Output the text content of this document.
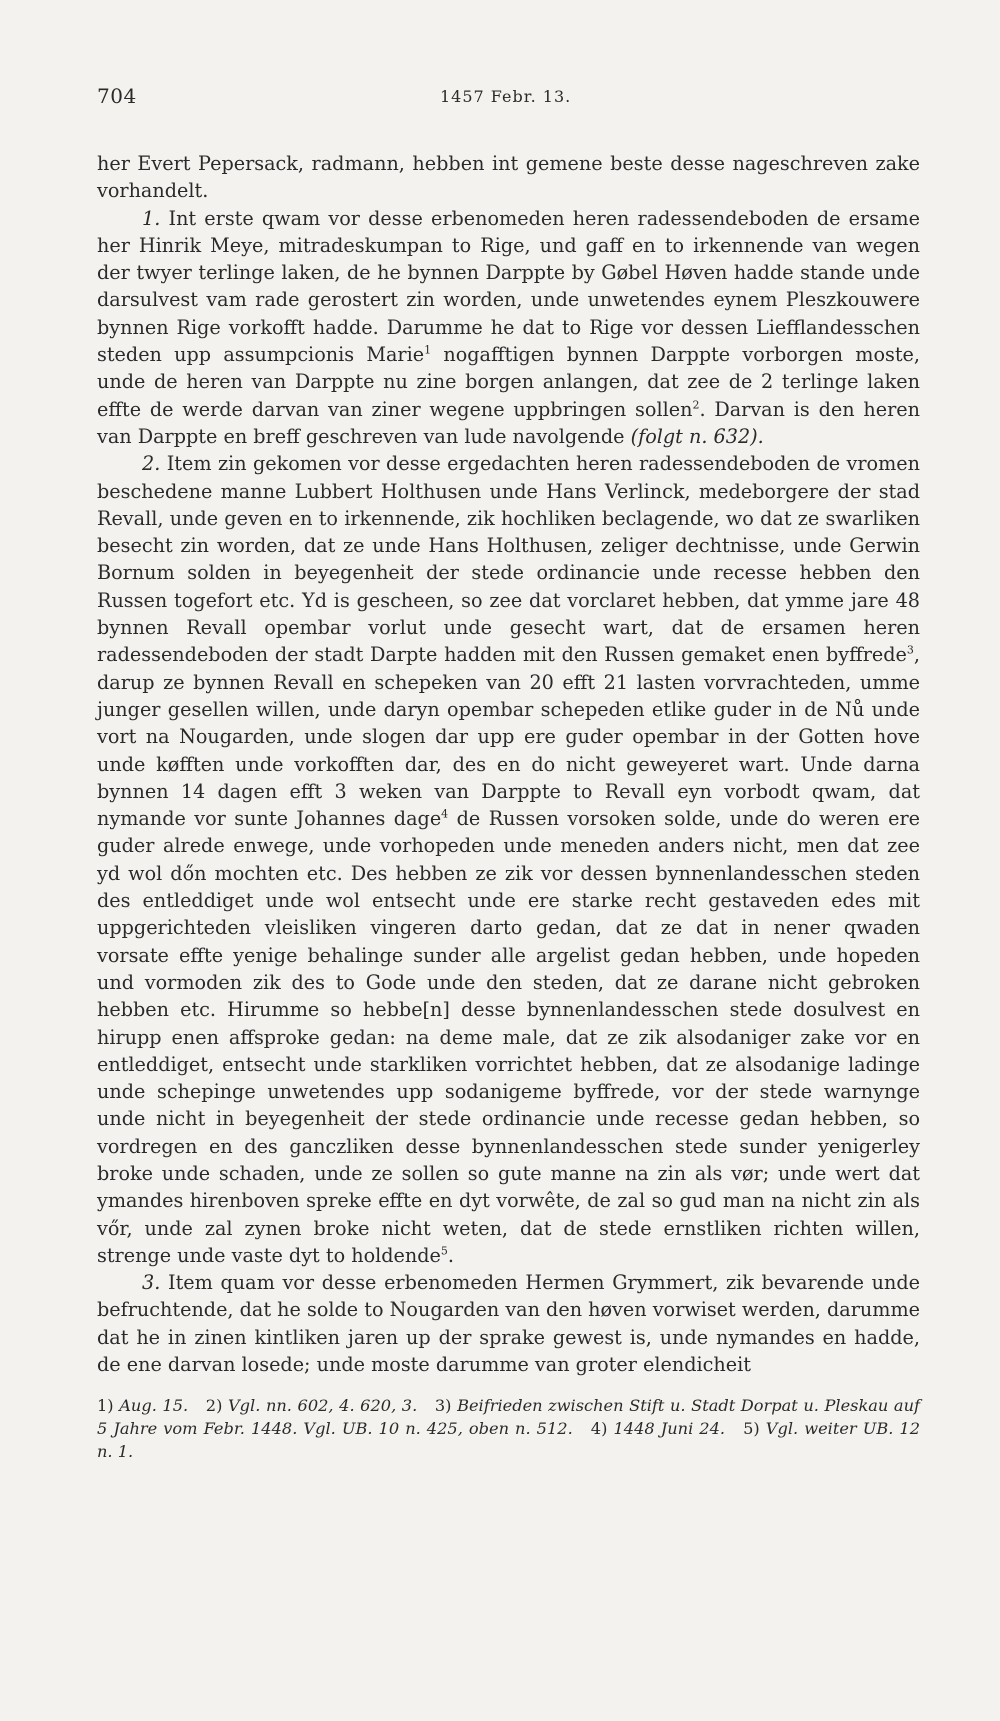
704	1457 Febr. 13.

her Evert Pepersack, radmann, hebben int gemene beste desse nageschreven zake vorhandelt.

1. Int erste qwam vor desse erbenomeden heren radessendeboden de ersame her Hinrik Meye, mitradeskumpan to Rige, und gaff en to irkennende van wegen der twyer terlinge laken, de he bynnen Darppte by Gøbel Høven hadde stande unde darsulvest vam rade gerostert zin worden, unde unwetendes eynem Pleszkouwere bynnen Rige vorkofft hadde. Darumme he dat to Rige vor dessen Liefflandesschen steden upp assumpcionis Marie$^1$ nogafftigen bynnen Darppte vorborgen moste, unde de heren van Darppte nu zine borgen anlangen, dat zee de 2 terlinge laken effte de werde darvan van ziner wegene uppbringen sollen$^2$. Darvan is den heren van Darppte en breff geschreven van lude navolgende (folgt n. 632).

2. Item zin gekomen vor desse ergedachten heren radessendeboden de vromen beschedene manne Lubbert Holthusen unde Hans Verlinck, medeborgere der stad Revall, unde geven en to irkennende, zik hochliken beclagende, wo dat ze swarliken besecht zin worden, dat ze unde Hans Holthusen, zeliger dechtnisse, unde Gerwin Bornum solden in beyegenheit der stede ordinancie unde recesse hebben den Russen togefort etc. Yd is gescheen, so zee dat vorclaret hebben, dat ymme jare 48 bynnen Revall opembar vorlut unde gesecht wart, dat de ersamen heren radessendeboden der stadt Darpte hadden mit den Russen gemaket enen byffrede$^3$, darup ze bynnen Revall en schepeken van 20 efft 21 lasten vorvrachteden, umme junger gesellen willen, unde daryn opembar schepeden etlike guder in de Nů unde vort na Nougarden, unde slogen dar upp ere guder opembar in der Gotten hove unde køfften unde vorkofften dar, des en do nicht geweyeret wart. Unde darna bynnen 14 dagen efft 3 weken van Darppte to Revall eyn vorbodt qwam, dat nymande vor sunte Johannes dage$^4$ de Russen vorsoken solde, unde do weren ere guder alrede enwege, unde vorhopeden unde meneden anders nicht, men dat zee yd wol dőn mochten etc. Des hebben ze zik vor dessen bynnenlandesschen steden des entleddiget unde wol entsecht unde ere starke recht gestaveden edes mit uppgerichteden vleisliken vingeren darto gedan, dat ze dat in nener qwaden vorsate effte yenige behalinge sunder alle argelist gedan hebben, unde hopeden und vormoden zik des to Gode unde den steden, dat ze darane nicht gebroken hebben etc. Hirumme so hebbe[n] desse bynnenlandesschen stede dosulvest en hirupp enen affsproke gedan: na deme male, dat ze zik alsodaniger zake vor en entleddiget, entsecht unde starkliken vorrichtet hebben, dat ze alsodanige ladinge unde schepinge unwetendes upp sodanigeme byffrede, vor der stede warnynge unde nicht in beyegenheit der stede ordinancie unde recesse gedan hebben, so vordregen en des ganczliken desse bynnenlandesschen stede sunder yenigerley broke unde schaden, unde ze sollen so gute manne na zin als vør; unde wert dat ymandes hirenboven spreke effte en dyt vorwête, de zal so gud man na nicht zin als vőr, unde zal zynen broke nicht weten, dat de stede ernstliken richten willen, strenge unde vaste dyt to holdende$^5$.

3. Item quam vor desse erbenomeden Hermen Grymmert, zik bevarende unde befruchtende, dat he solde to Nougarden van den høven vorwiset werden, darumme dat he in zinen kintliken jaren up der sprake gewest is, unde nymandes en hadde, de ene darvan losede; unde moste darumme van groter elendicheit

1) Aug. 15. 2) Vgl. nn. 602, 4. 620, 3. 3) Beifrieden zwischen Stift u. Stadt Dorpat u. Pleskau auf 5 Jahre vom Febr. 1448. Vgl. UB. 10 n. 425, oben n. 512. 4) 1448 Juni 24. 5) Vgl. weiter UB. 12 n. 1.
